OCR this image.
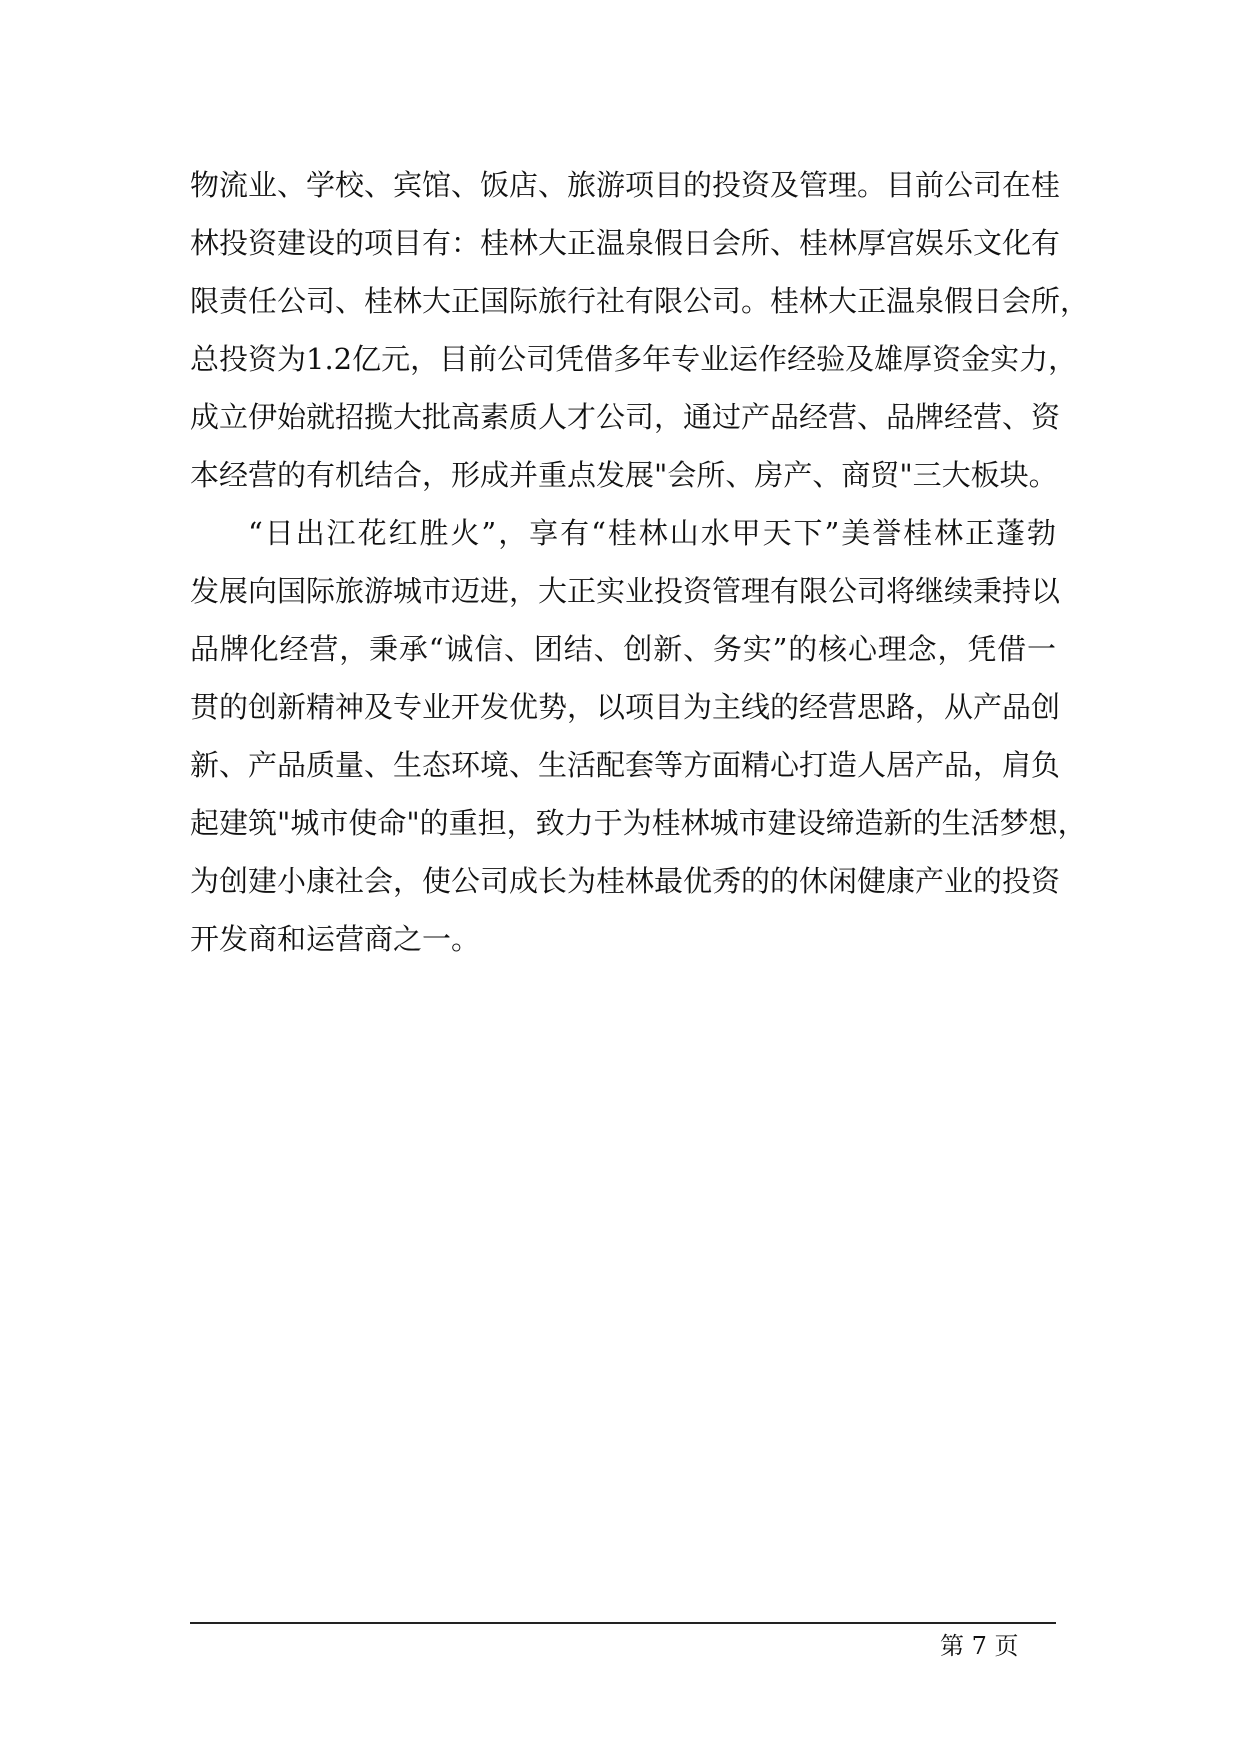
物流业、学校、宾馆、饭店、旅游项目的投资及管理。目前公司在桂
林投资建设的项目有：桂林大正温泉假日会所、桂林厚宫娱乐文化有
限责任公司、桂林大正国际旅行社有限公司。桂林大正温泉假日会所，
总投资为1.2亿元，目前公司凭借多年专业运作经验及雄厚资金实力，
成立伊始就招揽大批高素质人才公司，通过产品经营、品牌经营、资
本经营的有机结合，形成并重点发展"会所、房产、商贸"三大板块。
“日出江花红胜火”，享有“桂林山水甲天下”美誉桂林正蓬勃
发展向国际旅游城市迈进，大正实业投资管理有限公司将继续秉持以
品牌化经营，秉承“诚信、团结、创新、务实”的核心理念，凭借一
贯的创新精神及专业开发优势，以项目为主线的经营思路，从产品创
新、产品质量、生态环境、生活配套等方面精心打造人居产品，肩负
起建筑"城市使命"的重担，致力于为桂林城市建设缔造新的生活梦想，
为创建小康社会，使公司成长为桂林最优秀的的休闲健康产业的投资
开发商和运营商之一。
第 7 页
